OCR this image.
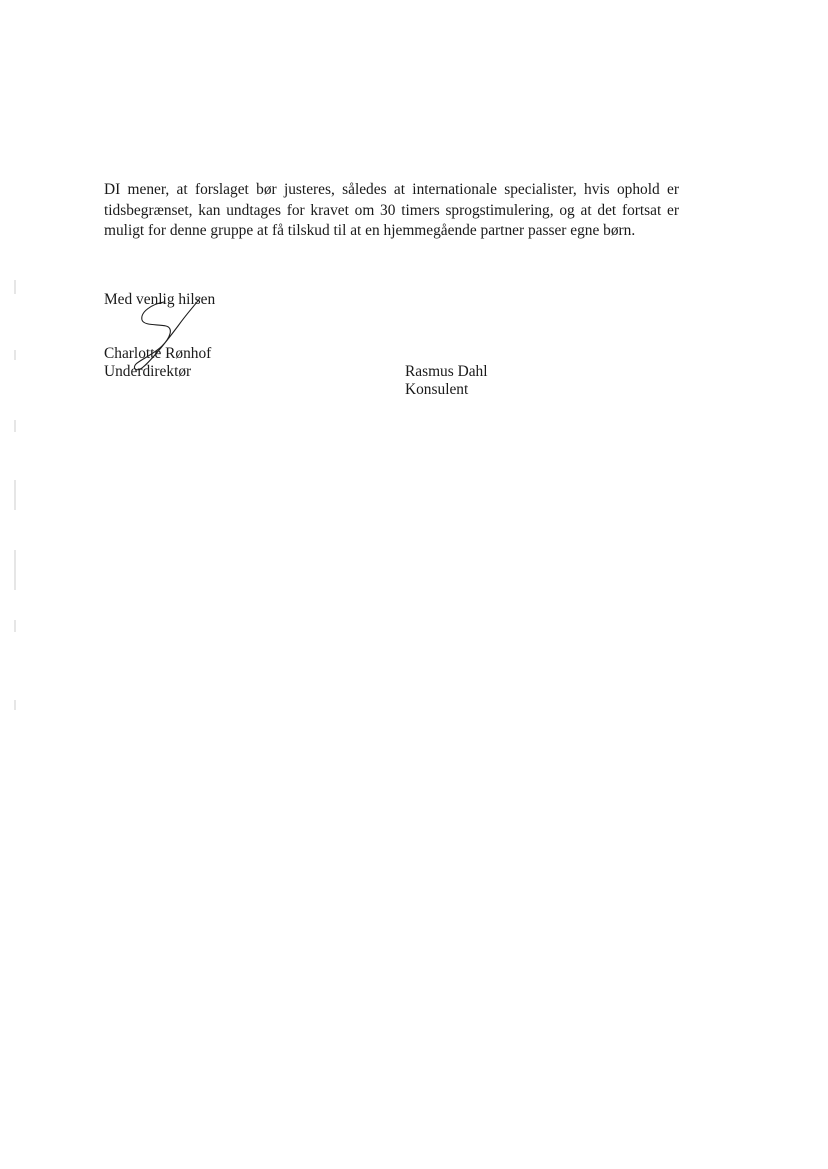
DI mener, at forslaget bør justeres, således at internationale specialister, hvis ophold er tidsbegrænset, kan undtages for kravet om 30 timers sprogstimulering, og at det fortsat er muligt for denne gruppe at få tilskud til at en hjemmegående partner passer egne børn.

Med venlig hilsen

Charlotte Rønhof
Underdirektør	Rasmus Dahl
Konsulent
